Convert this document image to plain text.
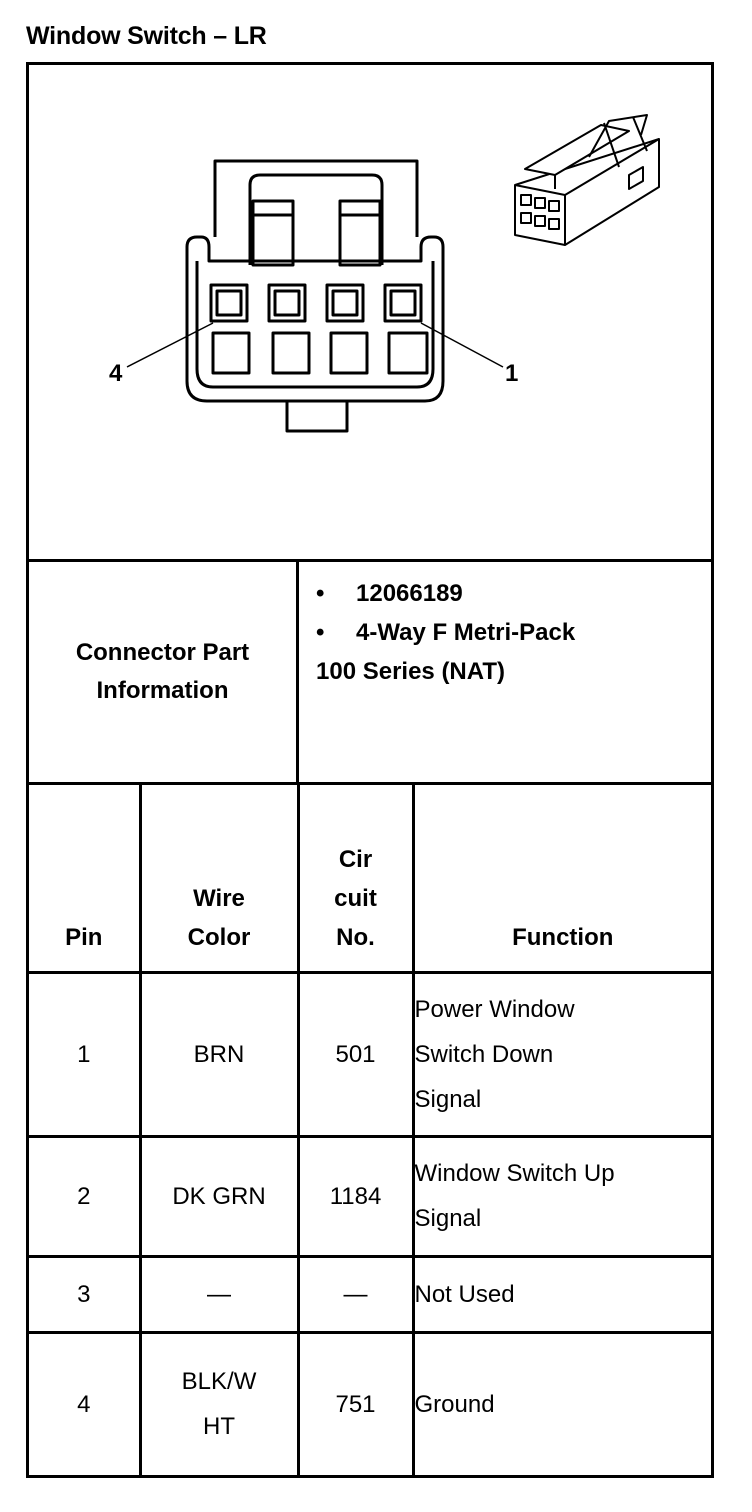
Window Switch – LR
4	1
Connector Part Information
• 12066189
• 4-Way F Metri-Pack
100 Series (NAT)
Pin	Wire Color	Cir cuit No.	Function
1	BRN	501	Power Window Switch Down Signal

2	DK GRN	1184	Window Switch Up Signal

3	—	—	Not Used
4	BLK/W HT	751	Ground
